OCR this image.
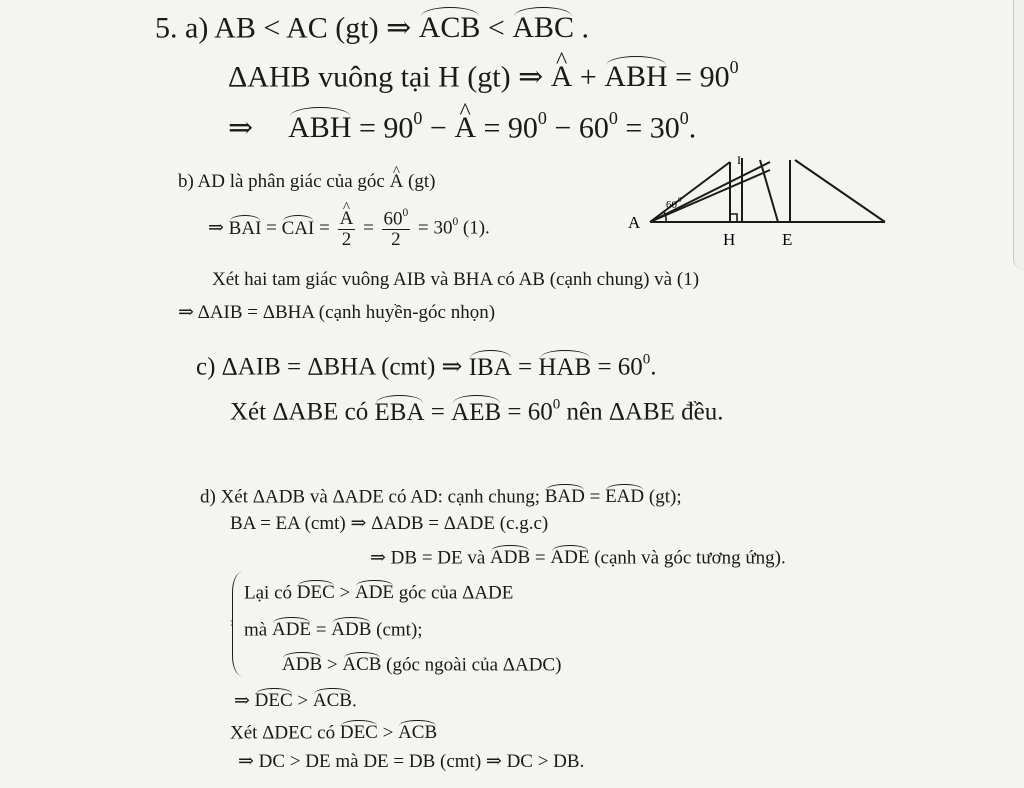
5. a) AB < AC (gt) ⇒ ACB < ABC .
ΔAHB vuông tại H (gt) ⇒ ^ A + ABH = $90^0$
⇒ ABH = $90^0$ − ^ $A = 90^0 - 60^0 = 30^0$.
b) AD là phân giác của góc ^ A (gt)
⇒ BAI = CAI = ^ $\frac{A}{2} = \frac{60^0}{2} = 30^0$ (1).	A
H	E
I
60 0
Xét hai tam giác vuông AIB và BHA có AB (cạnh chung) và (1)
⇒ ΔAIB = ΔBHA (cạnh huyền-góc nhọn)
c) ΔAIB = ΔBHA (cmt) ⇒ IBA = HAB = $60^0$.
Xét ΔABE có EBA = AEB = $60^0$ nên ΔABE đều.
d) Xét ΔADB và ΔADE có AD: cạnh chung; BAD = EAD (gt);
BA = EA (cmt) ⇒ ΔADB = ΔADE (c.g.c)
⇒ DB = DE và ADB = ADE (cạnh và góc tương ứng).
Lại có DEC > ADE góc của ΔADE
mà ADE = ADB (cmt);
ADB > ACB (góc ngoài của ΔADC)
⇒ DEC > ACB.
Xét ΔDEC có DEC > ACB
⇒ DC > DE mà DE = DB (cmt) ⇒ DC > DB.
